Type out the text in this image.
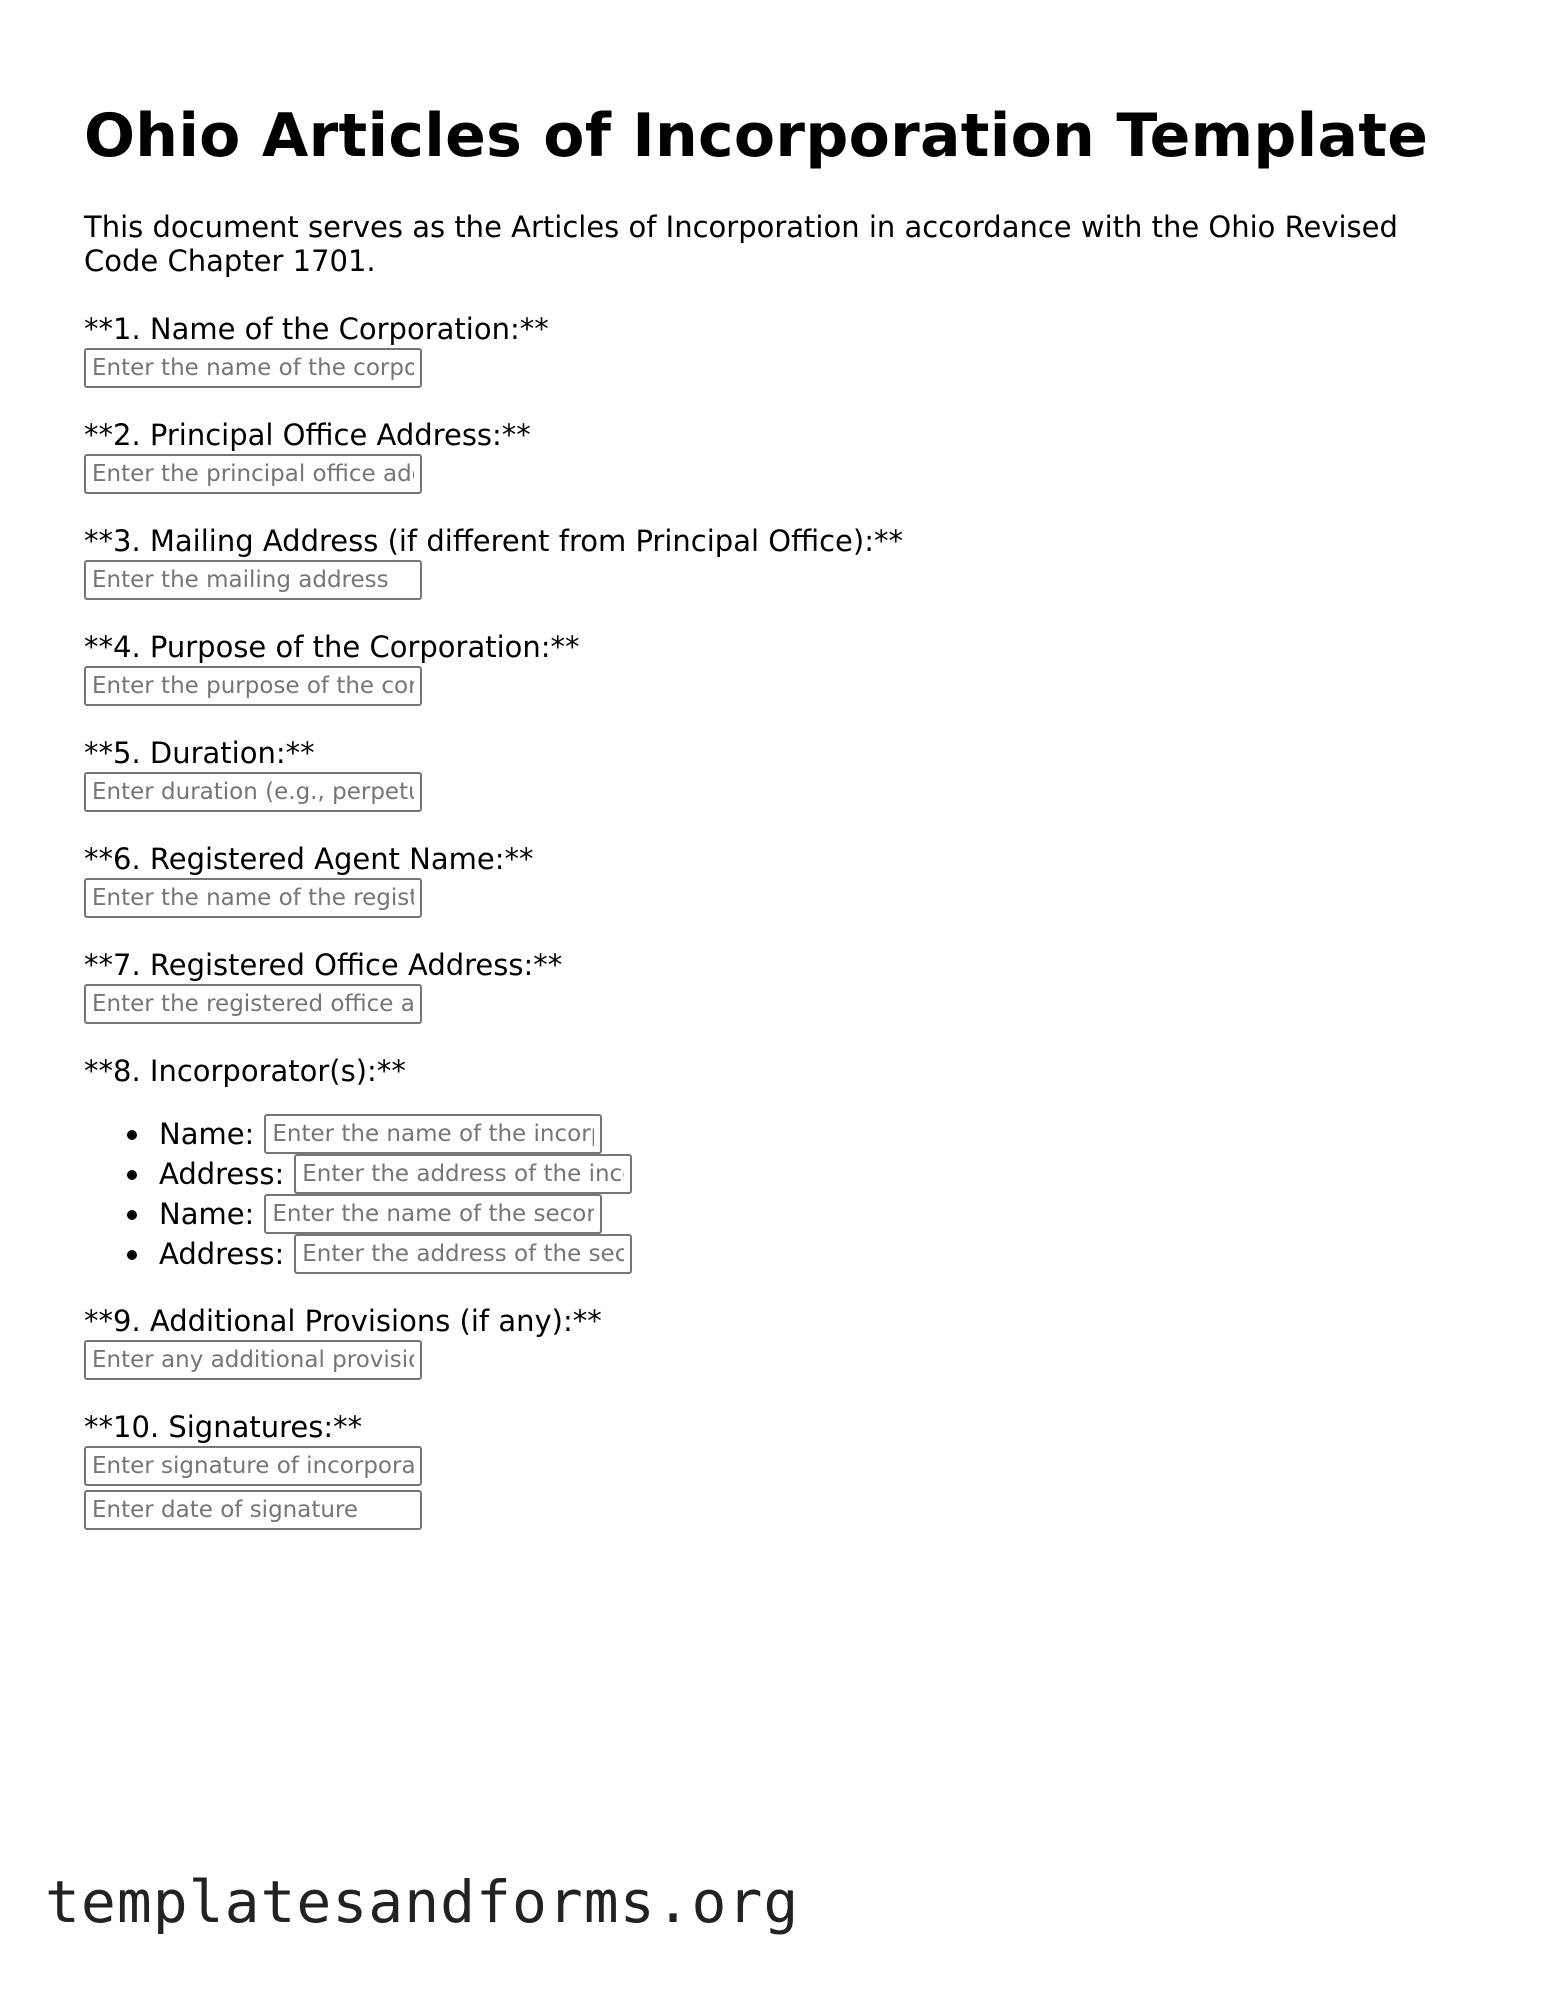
Ohio Articles of Incorporation Template

This document serves as the Articles of Incorporation in accordance with the Ohio Revised Code Chapter 1701.

**1. Name of the Corporation:**
Enter the name of the corporation
**2. Principal Office Address:**
Enter the principal office address
**3. Mailing Address (if different from Principal Office):**
Enter the mailing address
**4. Purpose of the Corporation:**
Enter the purpose of the corporation
**5. Duration:**
Enter duration (e.g., perpetual)
**6. Registered Agent Name:**
Enter the name of the registered agent
**7. Registered Office Address:**
Enter the registered office address
**8. Incorporator(s):**
Name:
Enter the name of the incorporator
Address:
Enter the address of the incorporator
Name:
Enter the name of the second incorporator
Address:
Enter the address of the second incorporator
**9. Additional Provisions (if any):**
Enter any additional provisions
**10. Signatures:**
Enter signature of incorporator
Enter date of signature
templatesandforms.org
